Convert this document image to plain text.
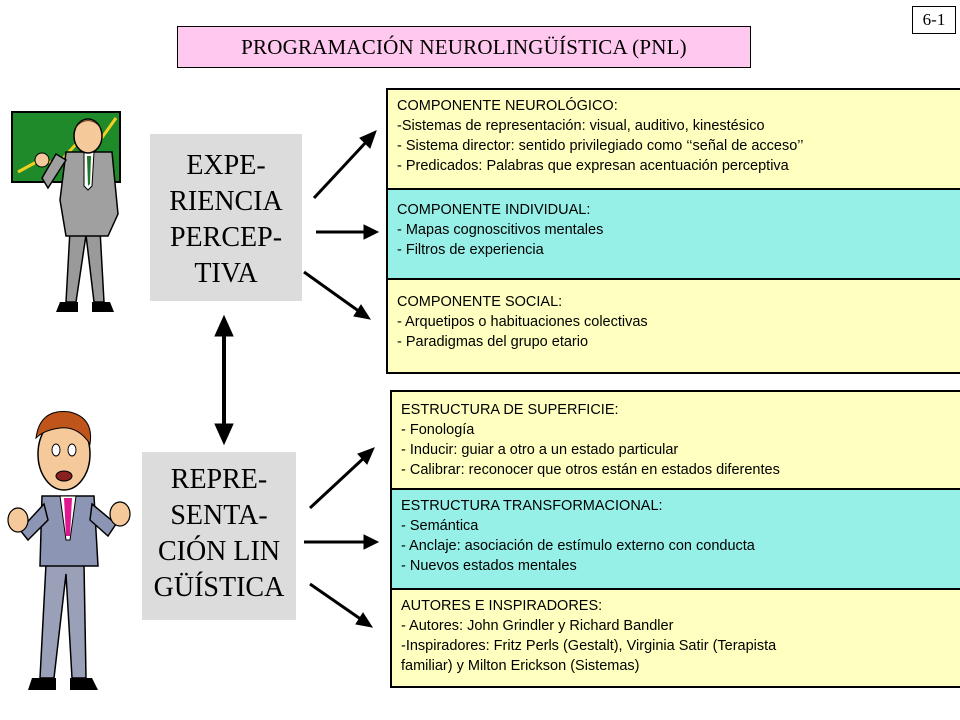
6-1
PROGRAMACIÓN NEUROLINGÜÍSTICA (PNL)
EXPE-
RIENCIA
PERCEP-
TIVA
REPRE-
SENTA-
CIÓN LIN
GÜÍSTICA
COMPONENTE NEUROLÓGICO:
-Sistemas de representación: visual, auditivo, kinestésico
- Sistema director: sentido privilegiado como ‘‘señal de acceso’’
- Predicados: Palabras que expresan acentuación perceptiva
COMPONENTE INDIVIDUAL:
- Mapas cognoscitivos mentales
- Filtros de experiencia
COMPONENTE SOCIAL:
- Arquetipos o habituaciones colectivas
- Paradigmas del grupo etario
ESTRUCTURA DE SUPERFICIE:
- Fonología
- Inducir: guiar a otro a un estado particular
- Calibrar: reconocer que otros están en estados diferentes
ESTRUCTURA TRANSFORMACIONAL:
- Semántica
- Anclaje: asociación de estímulo externo con conducta
- Nuevos estados mentales
AUTORES E INSPIRADORES:
- Autores: John Grindler y Richard Bandler
-Inspiradores: Fritz Perls (Gestalt), Virginia Satir (Terapista
familiar) y Milton Erickson (Sistemas)
